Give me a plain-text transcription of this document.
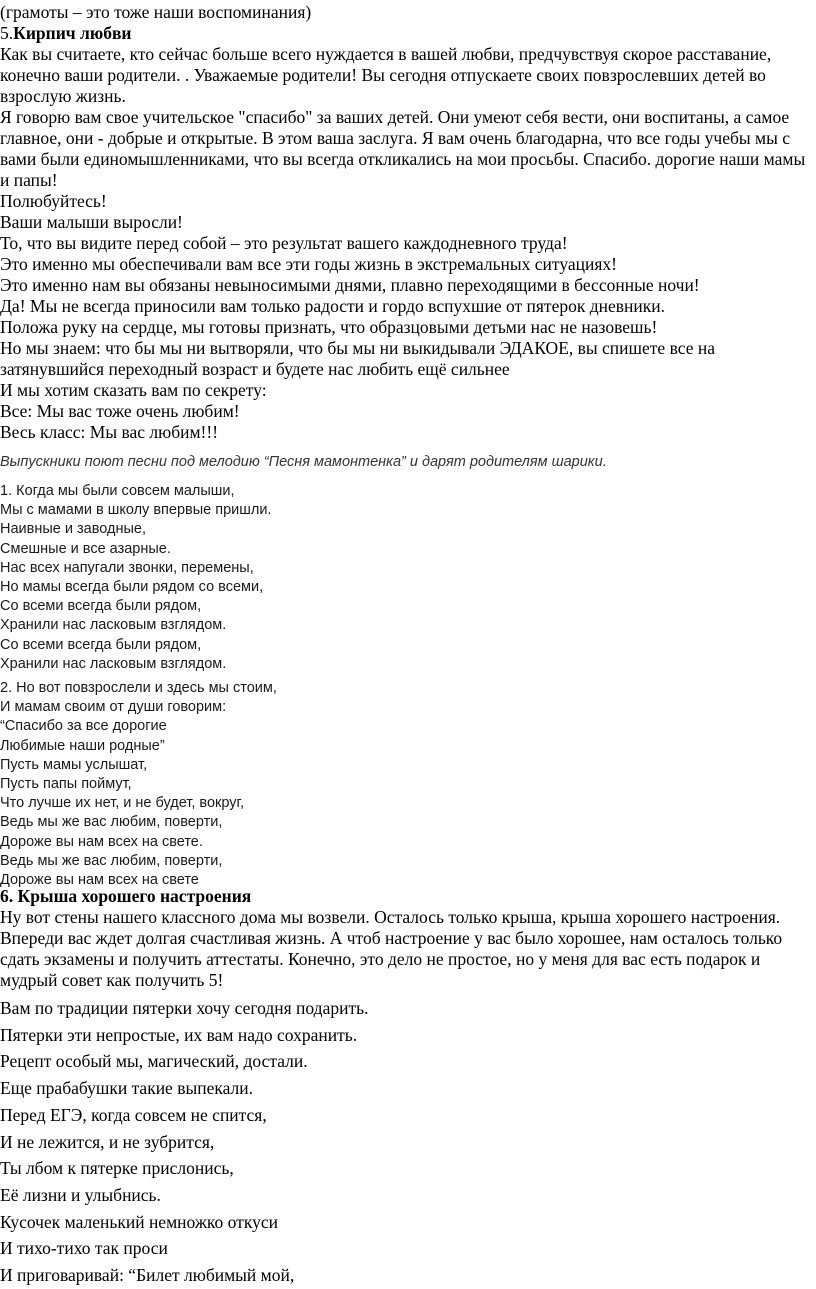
(грамоты – это тоже наши воспоминания)

5.Кирпич любви

Как вы считаете, кто сейчас больше всего нуждается в вашей любви, предчувствуя скорое расставание, конечно ваши родители. . Уважаемые родители! Вы сегодня отпускаете своих повзрослевших детей во взрослую жизнь.

Я говорю вам свое учительское "спасибо" за ваших детей. Они умеют себя вести, они воспитаны, а самое главное, они - добрые и открытые. В этом ваша заслуга. Я вам очень благодарна, что все годы учебы мы с вами были единомышленниками, что вы всегда откликались на мои просьбы. Спасибо. дорогие наши мамы и папы!

Полюбуйтесь!

Ваши малыши выросли!

То, что вы видите перед собой – это результат вашего каждодневного труда!

Это именно мы обеспечивали вам все эти годы жизнь в экстремальных ситуациях!

Это именно нам вы обязаны невыносимыми днями, плавно переходящими в бессонные ночи!

Да! Мы не всегда приносили вам только радости и гордо вспухшие от пятерок дневники.

Положа руку на сердце, мы готовы признать, что образцовыми детьми нас не назовешь!

Но мы знаем: что бы мы ни вытворяли, что бы мы ни выкидывали ЭДАКОЕ, вы спишете все на затянувшийся переходный возраст и будете нас любить ещё сильнее

И мы хотим сказать вам по секрету:

Все: Мы вас тоже очень любим!

Весь класс: Мы вас любим!!!

Выпускники поют песни под мелодию “Песня мамонтенка” и дарят родителям шарики.

1. Когда мы были совсем малыши,

Мы с мамами в школу впервые пришли.

Наивные и заводные,

Смешные и все азарные.

Нас всех напугали звонки, перемены,

Но мамы всегда были рядом со всеми,

Со всеми всегда были рядом,

Хранили нас ласковым взглядом.

Со всеми всегда были рядом,

Хранили нас ласковым взглядом.

2. Но вот повзрослели и здесь мы стоим,

И мамам своим от души говорим:

“Спасибо за все дорогие

Любимые наши родные”

Пусть мамы услышат,

Пусть папы поймут,

Что лучше их нет, и не будет, вокруг,

Ведь мы же вас любим, поверти,

Дороже вы нам всех на свете.

Ведь мы же вас любим, поверти,

Дороже вы нам всех на свете

6. Крыша хорошего настроения

Ну вот стены нашего классного дома мы возвели. Осталось только крыша, крыша хорошего настроения. Впереди вас ждет долгая счастливая жизнь. А чтоб настроение у вас было хорошее, нам осталось только сдать экзамены и получить аттестаты. Конечно, это дело не простое, но у меня для вас есть подарок и мудрый совет как получить 5!

Вам по традиции пятерки хочу сегодня подарить.

Пятерки эти непростые, их вам надо сохранить.

Рецепт особый мы, магический, достали.

Еще прабабушки такие выпекали.

Перед ЕГЭ, когда совсем не спится,

И не лежится, и не зубрится,

Ты лбом к пятерке прислонись,

Её лизни и улыбнись.

Кусочек маленький немножко откуси

И тихо-тихо так проси

И приговаривай: “Билет любимый мой,
